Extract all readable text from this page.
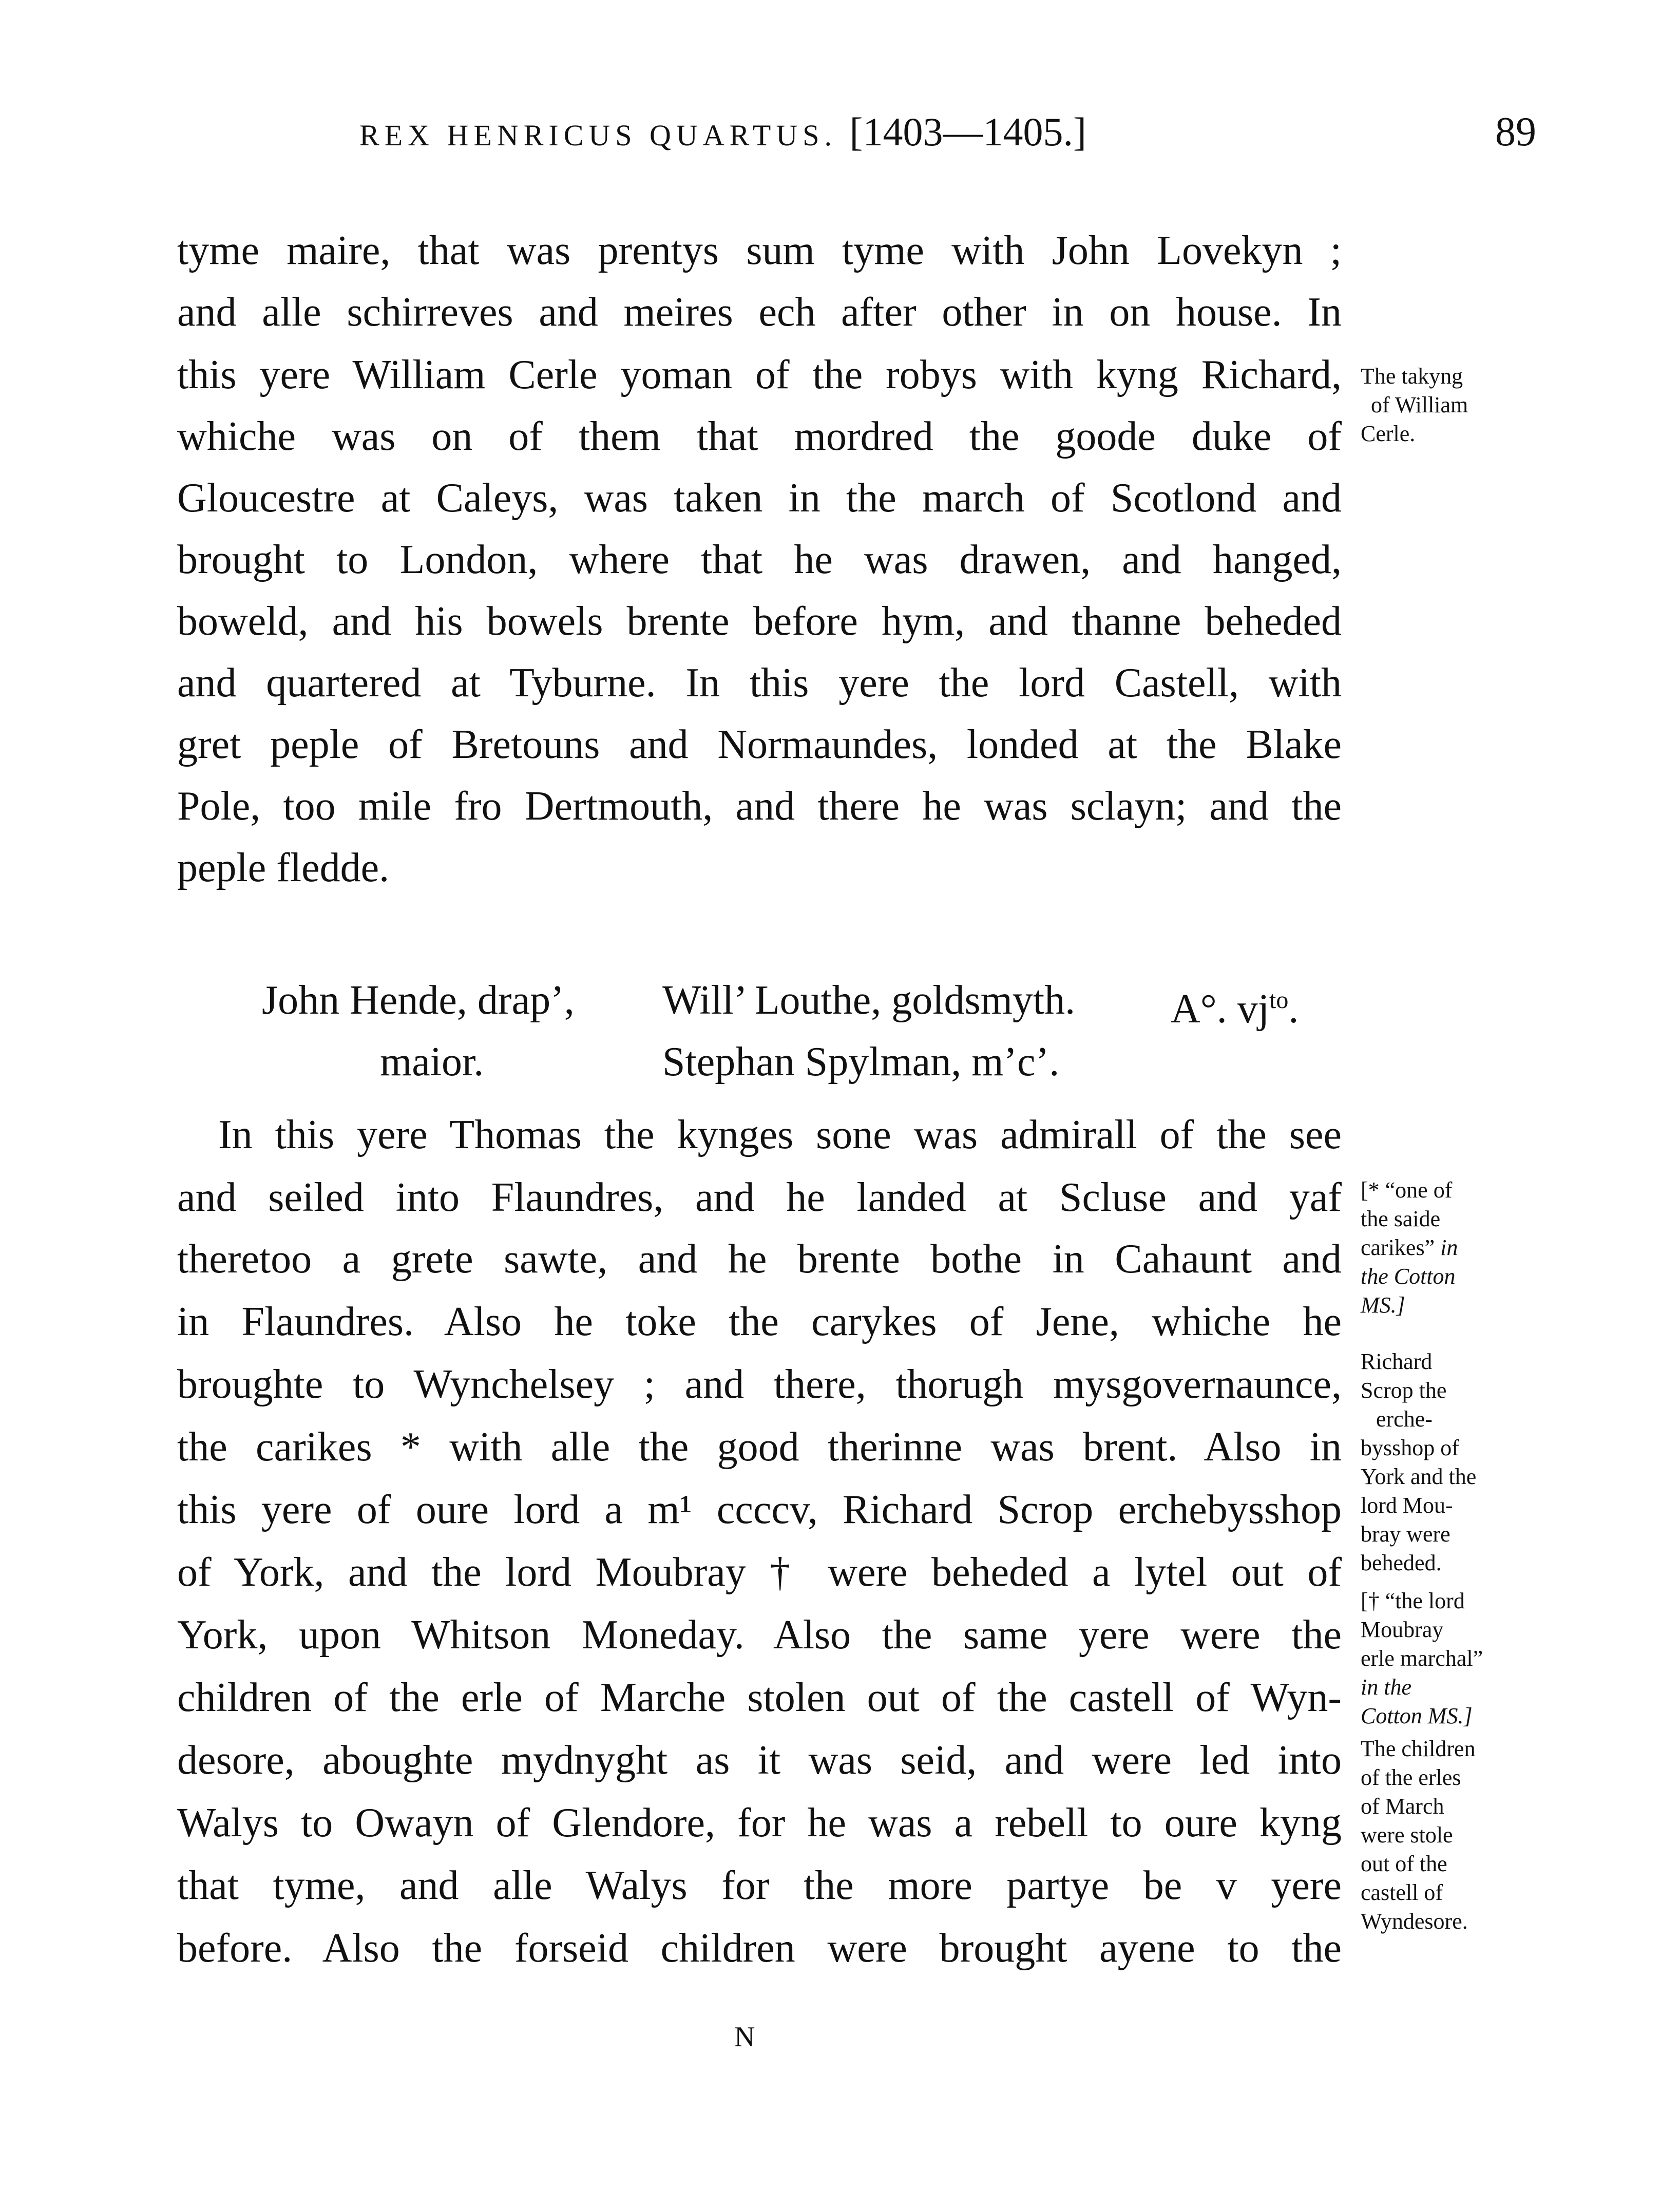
REX HENRICUS QUARTUS. [1403—1405.]	89
tyme maire, that was prentys sum tyme with John Lovekyn ;
and alle schirreves and meires ech after other in on house. In
this yere William Cerle yoman of the robys with kyng Richard,
whiche was on of them that mordred the goode duke of
Gloucestre at Caleys, was taken in the march of Scotlond and
brought to London, where that he was drawen, and hanged,
boweld, and his bowels brente before hym, and thanne beheded
and quartered at Tyburne. In this yere the lord Castell, with
gret peple of Bretouns and Normaundes, londed at the Blake
Pole, too mile fro Dertmouth, and there he was sclayn; and the
peple fledde.
John Hende, drap’,
maior.
Will’ Louthe, goldsmyth.
Stephan Spylman, m’c’.
A°. $vj^{to}$.
In this yere Thomas the kynges sone was admirall of the see
and seiled into Flaundres, and he landed at Scluse and yaf
theretoo a grete sawte, and he brente bothe in Cahaunt and
in Flaundres. Also he toke the carykes of Jene, whiche he
broughte to Wynchelsey ; and there, thorugh mysgovernaunce,
the carikes * with alle the good therinne was brent. Also in
this yere of oure lord a m¹ ccccv, Richard Scrop erchebysshop
of York, and the lord Moubray † were beheded a lytel out of
York, upon Whitson Moneday. Also the same yere were the
children of the erle of Marche stolen out of the castell of Wyn-
desore, aboughte mydnyght as it was seid, and were led into
Walys to Owayn of Glendore, for he was a rebell to oure kyng
that tyme, and alle Walys for the more partye be v yere
before. Also the forseid children were brought ayene to the
The takyng
of William
Cerle.
[* “one of
the saide
carikes” in
the Cotton
MS.]
Richard
Scrop the
erche-
bysshop of
York and the
lord Mou-
bray were
beheded.
[† “the lord
Moubray
erle marchal”
in the
Cotton MS.]
The children
of the erles
of March
were stole
out of the
castell of
Wyndesore.
N
